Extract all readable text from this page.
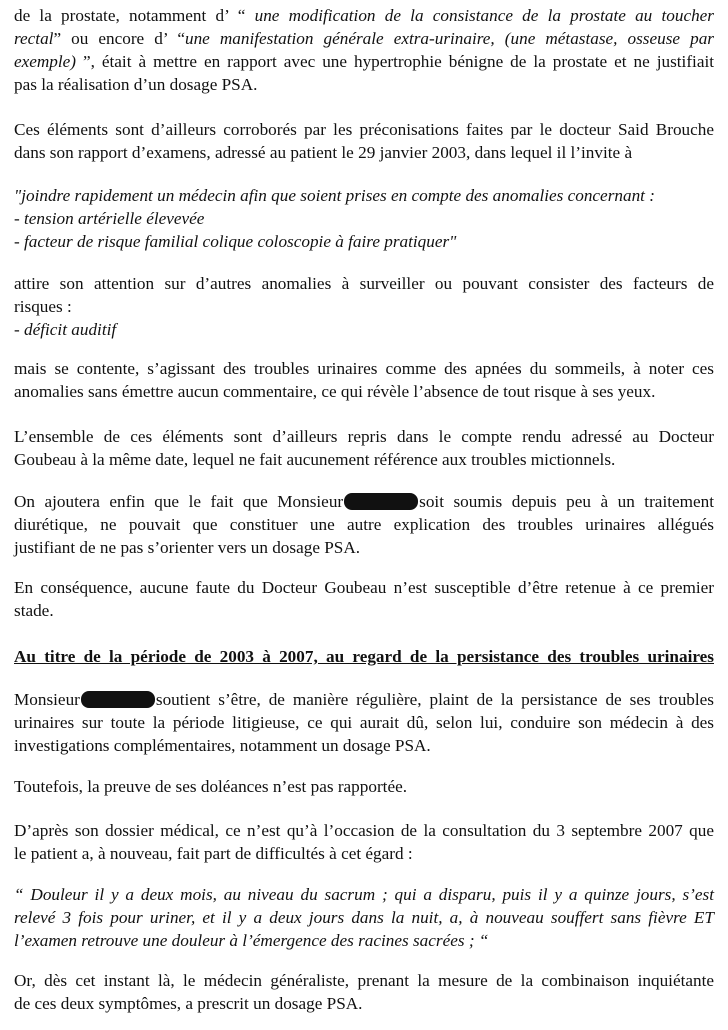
de la prostate, notamment d’ “ une modification de la consistance de la prostate au toucher
rectal” ou encore d’ “une manifestation générale extra-urinaire, (une métastase, osseuse par
exemple) ”, était à mettre en rapport avec une hypertrophie bénigne de la prostate et ne justifiait
pas la réalisation d’un dosage PSA.
Ces éléments sont d’ailleurs corroborés par les préconisations faites par le docteur Said Brouche
dans son rapport d’examens, adressé au patient le 29 janvier 2003, dans lequel il l’invite à
"joindre rapidement un médecin afin que soient prises en compte des anomalies concernant :
- tension artérielle élevevée
- facteur de risque familial colique coloscopie à faire pratiquer"
attire son attention sur d’autres anomalies à surveiller ou pouvant consister des facteurs de
risques :
- déficit auditif
mais se contente, s’agissant des troubles urinaires comme des apnées du sommeils, à noter ces
anomalies sans émettre aucun commentaire, ce qui révèle l’absence de tout risque à ses yeux.
L’ensemble de ces éléments sont d’ailleurs repris dans le compte rendu adressé au Docteur
Goubeau à la même date, lequel ne fait aucunement référence aux troubles mictionnels.
On ajoutera enfin que le fait que Monsieur	soit soumis depuis peu à un traitement
diurétique, ne pouvait que constituer une autre explication des troubles urinaires allégués
justifiant de ne pas s’orienter vers un dosage PSA.
En conséquence, aucune faute du Docteur Goubeau n’est susceptible d’être retenue à ce premier
stade.
Au titre de la période de 2003 à 2007, au regard de la persistance des troubles urinaires
Monsieur	soutient s’être, de manière régulière, plaint de la persistance de ses troubles
urinaires sur toute la période litigieuse, ce qui aurait dû, selon lui, conduire son médecin à des
investigations complémentaires, notamment un dosage PSA.
Toutefois, la preuve de ses doléances n’est pas rapportée.
D’après son dossier médical, ce n’est qu’à l’occasion de la consultation du 3 septembre 2007 que
le patient a, à nouveau, fait part de difficultés à cet égard :
“ Douleur il y a deux mois, au niveau du sacrum ; qui a disparu, puis il y a quinze jours, s’est
relevé 3 fois pour uriner, et il y a deux jours dans la nuit, a, à nouveau souffert sans fièvre ET
l’examen retrouve une douleur à l’émergence des racines sacrées ; “
Or, dès cet instant là, le médecin généraliste, prenant la mesure de la combinaison inquiétante
de ces deux symptômes, a prescrit un dosage PSA.
